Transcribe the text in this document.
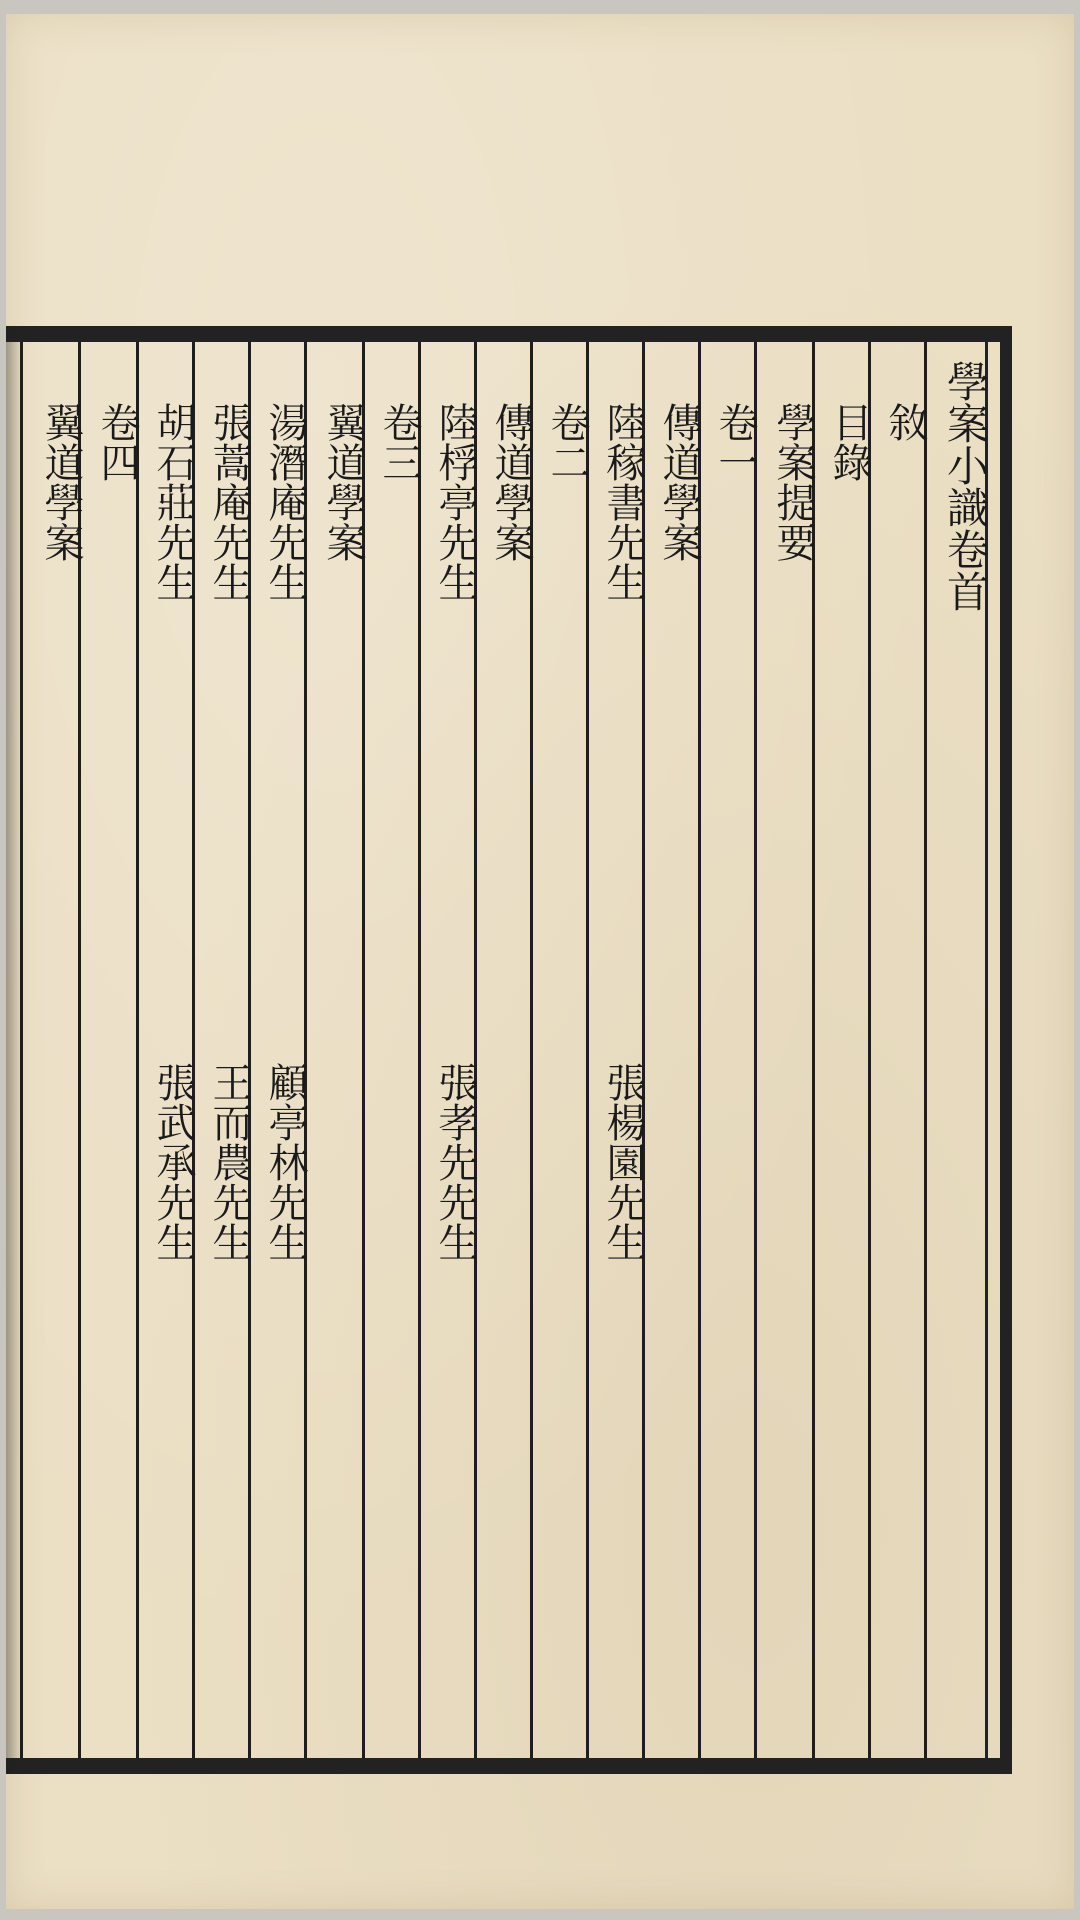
學案小識卷首
敘
目錄
學案提要
卷一
傳道學案
陸稼書先生
張楊園先生
卷二
傳道學案
陸桴亭先生
張孝先先生
卷三
翼道學案
湯潛庵先生
顧亭林先生
張蒿庵先生
王而農先生
胡石莊先生
張武承先生
卷四
翼道學案
